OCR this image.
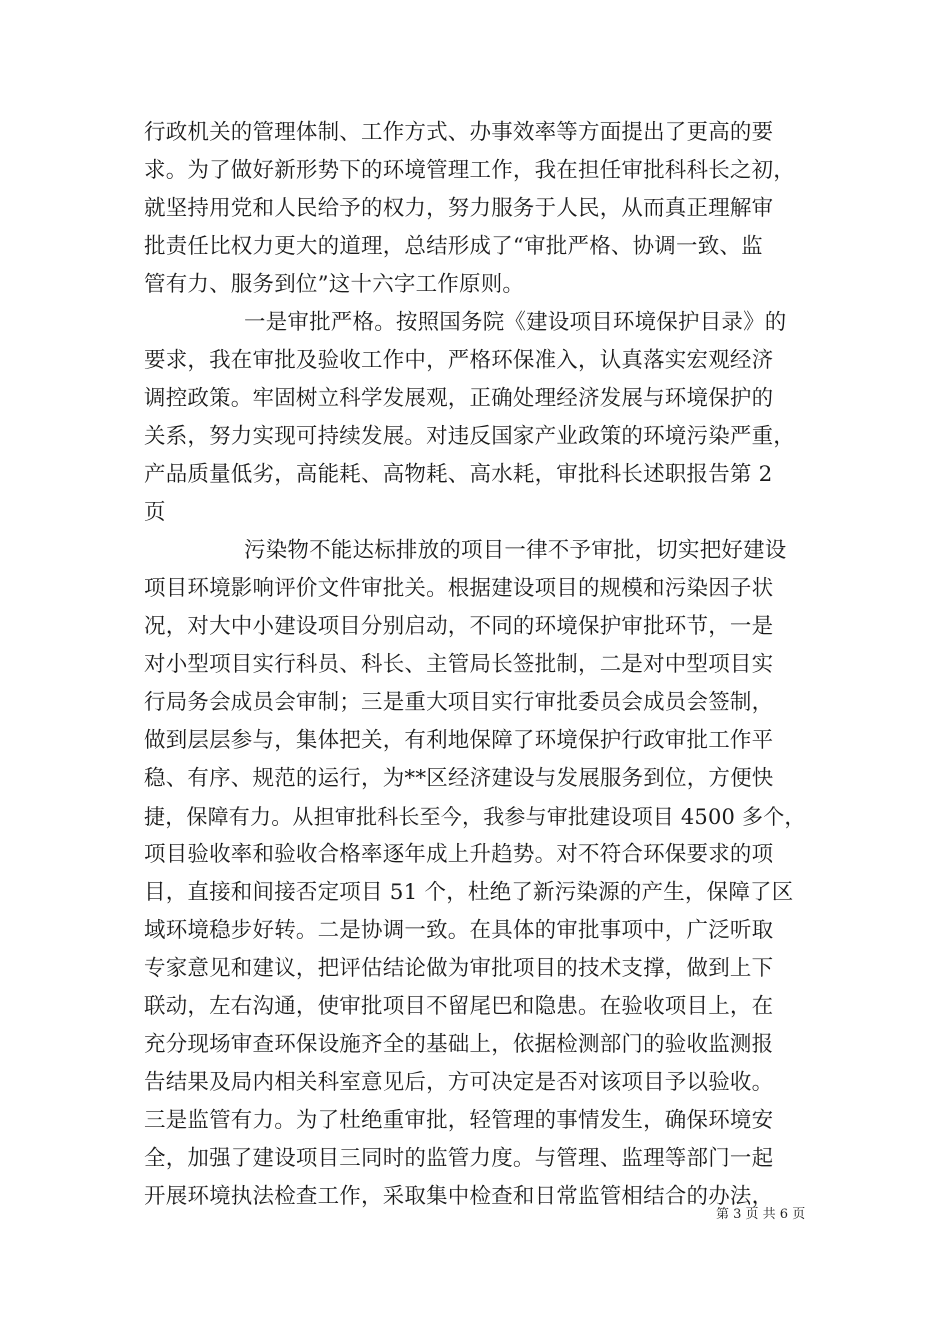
行政机关的管理体制、工作方式、办事效率等方面提出了更高的要
求。为了做好新形势下的环境管理工作，我在担任审批科科长之初，
就坚持用党和人民给予的权力，努力服务于人民，从而真正理解审
批责任比权力更大的道理，总结形成了“审批严格、协调一致、监
管有力、服务到位”这十六字工作原则。
一是审批严格。按照国务院《建设项目环境保护目录》的
要求，我在审批及验收工作中，严格环保准入，认真落实宏观经济
调控政策。牢固树立科学发展观，正确处理经济发展与环境保护的
关系，努力实现可持续发展。对违反国家产业政策的环境污染严重，
产品质量低劣，高能耗、高物耗、高水耗，审批科长述职报告第 2
页
污染物不能达标排放的项目一律不予审批，切实把好建设
项目环境影响评价文件审批关。根据建设项目的规模和污染因子状
况，对大中小建设项目分别启动，不同的环境保护审批环节，一是
对小型项目实行科员、科长、主管局长签批制，二是对中型项目实
行局务会成员会审制；三是重大项目实行审批委员会成员会签制，
做到层层参与，集体把关，有利地保障了环境保护行政审批工作平
稳、有序、规范的运行，为**区经济建设与发展服务到位，方便快
捷，保障有力。从担审批科长至今，我参与审批建设项目 4500 多个，
项目验收率和验收合格率逐年成上升趋势。对不符合环保要求的项
目，直接和间接否定项目 51 个，杜绝了新污染源的产生，保障了区
域环境稳步好转。二是协调一致。在具体的审批事项中，广泛听取
专家意见和建议，把评估结论做为审批项目的技术支撑，做到上下
联动，左右沟通，使审批项目不留尾巴和隐患。在验收项目上，在
充分现场审查环保设施齐全的基础上，依据检测部门的验收监测报
告结果及局内相关科室意见后，方可决定是否对该项目予以验收。
三是监管有力。为了杜绝重审批，轻管理的事情发生，确保环境安
全，加强了建设项目三同时的监管力度。与管理、监理等部门一起
开展环境执法检查工作，采取集中检查和日常监管相结合的办法，
第 3 页 共 6 页
